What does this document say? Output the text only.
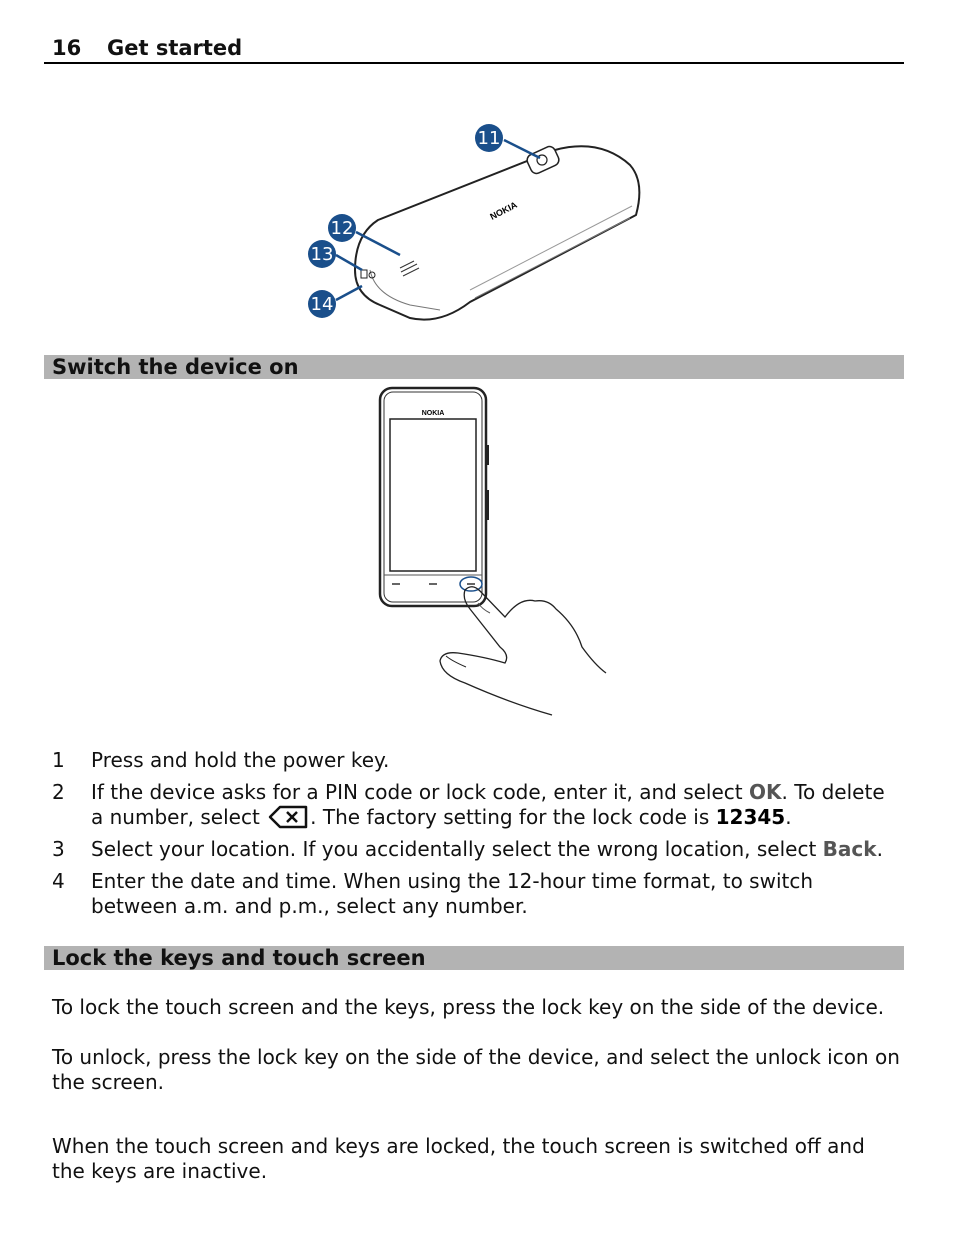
16 Get started
NOKIA
11
12
13
14
Switch the device on
NOKIA
1 Press and hold the power key.
2 If the device asks for a PIN code or lock code, enter it, and select OK. To delete a number, select . The factory setting for the lock code is 12345.
3 Select your location. If you accidentally select the wrong location, select Back.
4 Enter the date and time. When using the 12-hour time format, to switch between a.m. and p.m., select any number.
Lock the keys and touch screen
To lock the touch screen and the keys, press the lock key on the side of the device.
To unlock, press the lock key on the side of the device, and select the unlock icon on the screen.
When the touch screen and keys are locked, the touch screen is switched off and the keys are inactive.
